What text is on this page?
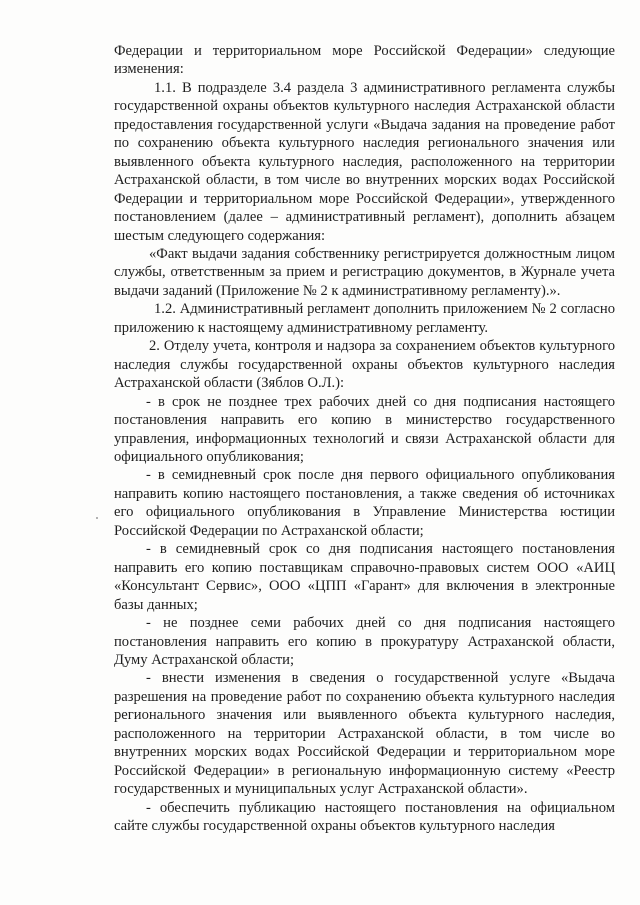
Федерации и территориальном море Российской Федерации» следующие изменения:

1.1. В подразделе 3.4 раздела 3 административного регламента службы государственной охраны объектов культурного наследия Астраханской области предоставления государственной услуги «Выдача задания на проведение работ по сохранению объекта культурного наследия регионального значения или выявленного объекта культурного наследия, расположенного на территории Астраханской области, в том числе во внутренних морских водах Российской Федерации и территориальном море Российской Федерации», утвержденного постановлением (далее – административный регламент), дополнить абзацем шестым следующего содержания:

«Факт выдачи задания собственнику регистрируется должностным лицом службы, ответственным за прием и регистрацию документов, в Журнале учета выдачи заданий (Приложение № 2 к административному регламенту).».

1.2. Административный регламент дополнить приложением № 2 согласно приложению к настоящему административному регламенту.

2. Отделу учета, контроля и надзора за сохранением объектов культурного наследия службы государственной охраны объектов культурного наследия Астраханской области (Зяблов О.Л.):

- в срок не позднее трех рабочих дней со дня подписания настоящего постановления направить его копию в министерство государственного управления, информационных технологий и связи Астраханской области для официального опубликования;

- в семидневный срок после дня первого официального опубликования направить копию настоящего постановления, а также сведения об источниках его официального опубликования в Управление Министерства юстиции Российской Федерации по Астраханской области;

- в семидневный срок со дня подписания настоящего постановления направить его копию поставщикам справочно-правовых систем ООО «АИЦ «Консультант Сервис», ООО «ЦПП «Гарант» для включения в электронные базы данных;

- не позднее семи рабочих дней со дня подписания настоящего постановления направить его копию в прокуратуру Астраханской области, Думу Астраханской области;

- внести изменения в сведения о государственной услуге «Выдача разрешения на проведение работ по сохранению объекта культурного наследия регионального значения или выявленного объекта культурного наследия, расположенного на территории Астраханской области, в том числе во внутренних морских водах Российской Федерации и территориальном море Российской Федерации» в региональную информационную систему «Реестр государственных и муниципальных услуг Астраханской области».

- обеспечить публикацию настоящего постановления на официальном сайте службы государственной охраны объектов культурного наследия
